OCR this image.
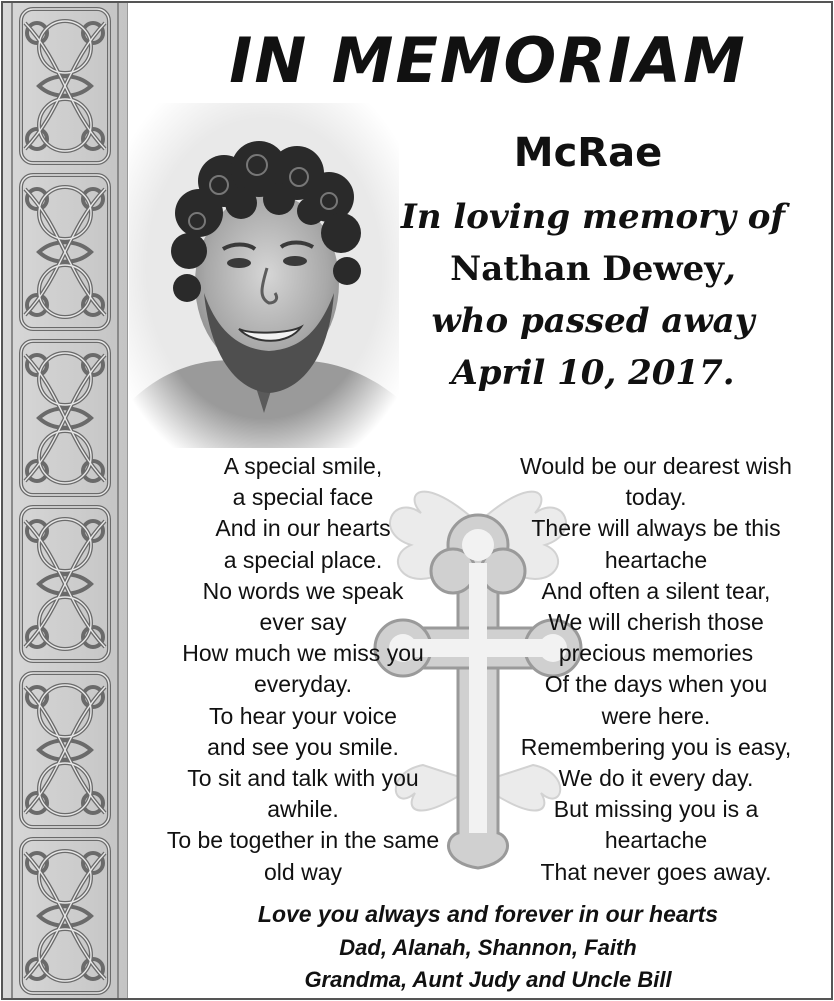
IN MEMORIAM
McRae
In loving memory of
Nathan Dewey,
who passed away
April 10, 2017.
A special smile,
a special face
And in our hearts
a special place.
No words we speak
ever say
How much we miss you
everyday.
To hear your voice
and see you smile.
To sit and talk with you
awhile.
To be together in the same
old way
Would be our dearest wish
today.
There will always be this
heartache
And often a silent tear,
We will cherish those
precious memories
Of the days when you
were here.
Remembering you is easy,
We do it every day.
But missing you is a
heartache
That never goes away.
Love you always and forever in our hearts
Dad, Alanah, Shannon, Faith
Grandma, Aunt Judy and Uncle Bill
